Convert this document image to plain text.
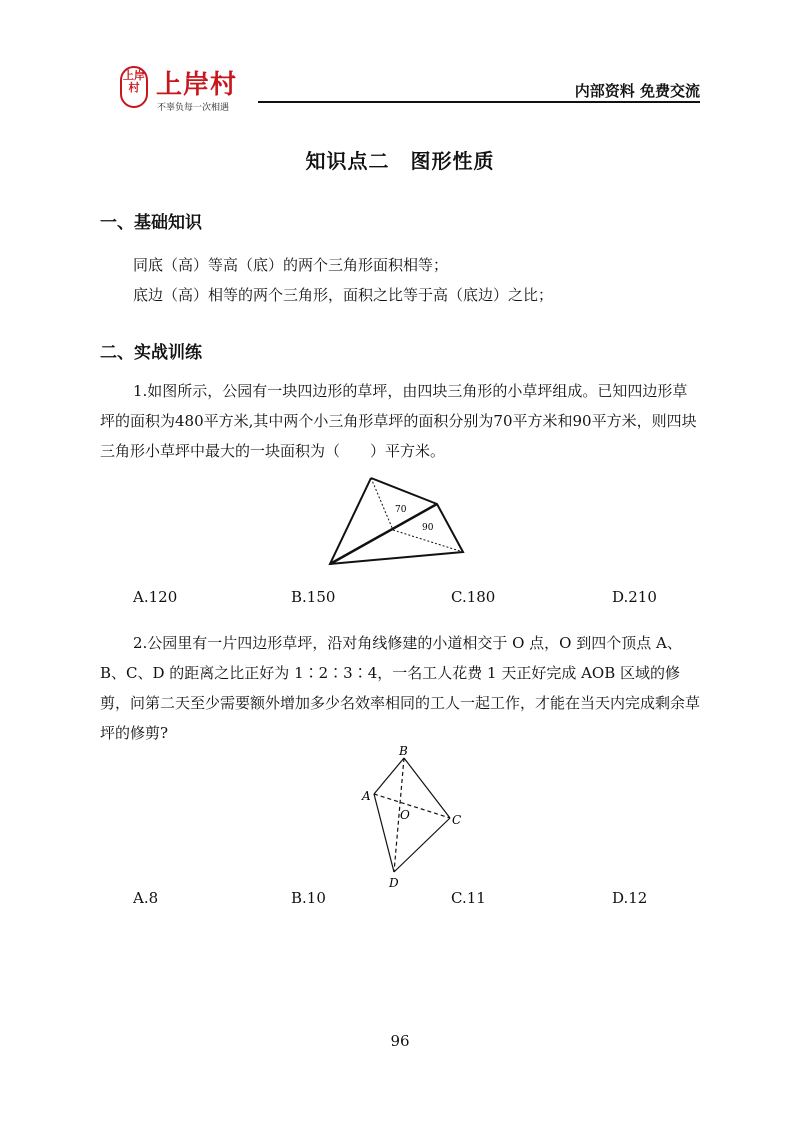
上岸村 上岸村
不辜负每一次相遇
内部资料 免费交流
知识点二　图形性质
一、基础知识
同底（高）等高（底）的两个三角形面积相等；
底边（高）相等的两个三角形，面积之比等于高（底边）之比；
二、实战训练
1.如图所示，公园有一块四边形的草坪，由四块三角形的小草坪组成。已知四边形草坪的面积为480平方米,其中两个小三角形草坪的面积分别为70平方米和90平方米，则四块三角形小草坪中最大的一块面积为（　　）平方米。
70
90
A.120	B.150	C.180	D.210
2.公园里有一片四边形草坪，沿对角线修建的小道相交于 O 点，O 到四个顶点 A、B、C、D 的距离之比正好为 1∶2∶3∶4，一名工人花费 1 天正好完成 AOB 区域的修剪，问第二天至少需要额外增加多少名效率相同的工人一起工作，才能在当天内完成剩余草坪的修剪?
B
A
O	C
D
A.8	B.10	C.11	D.12
96
